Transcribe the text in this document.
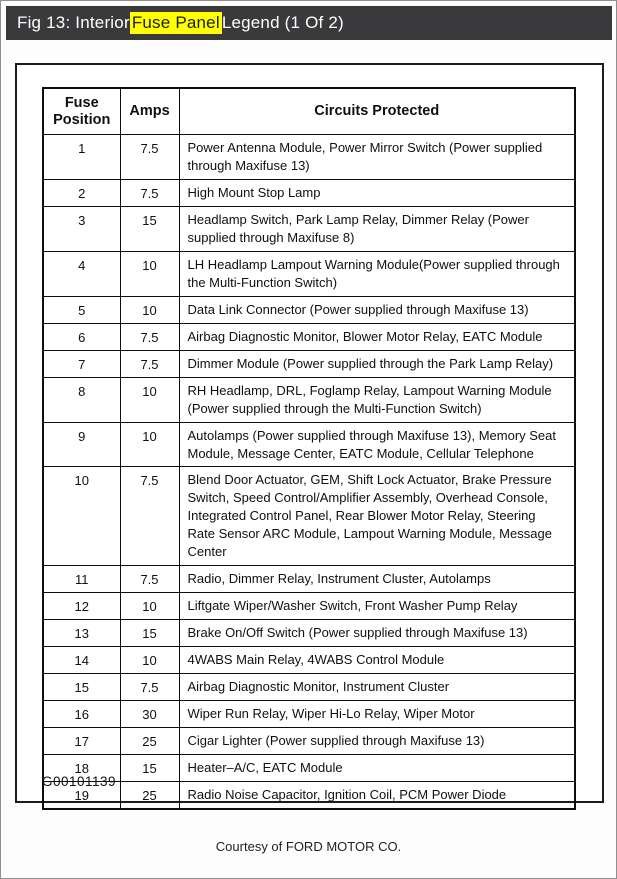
Fig 13: Interior Fuse Panel Legend (1 Of 2)
Fuse Position	Amps	Circuits Protected
1	7.5	Power Antenna Module, Power Mirror Switch (Power supplied through Maxifuse 13)
2	7.5	High Mount Stop Lamp
3	15	Headlamp Switch, Park Lamp Relay, Dimmer Relay (Power supplied through Maxifuse 8)
4	10	LH Headlamp Lampout Warning Module(Power supplied through the Multi-Function Switch)
5	10	Data Link Connector (Power supplied through Maxifuse 13)
6	7.5	Airbag Diagnostic Monitor, Blower Motor Relay, EATC Module
7	7.5	Dimmer Module (Power supplied through the Park Lamp Relay)
8	10	RH Headlamp, DRL, Foglamp Relay, Lampout Warning Module (Power supplied through the Multi-Function Switch)
9	10	Autolamps (Power supplied through Maxifuse 13), Memory Seat Module, Message Center, EATC Module, Cellular Telephone
10	7.5	Blend Door Actuator, GEM, Shift Lock Actuator, Brake Pressure Switch, Speed Control/Amplifier Assembly, Overhead Console, Integrated Control Panel, Rear Blower Motor Relay, Steering Rate Sensor ARC Module, Lampout Warning Module, Message Center
11	7.5	Radio, Dimmer Relay, Instrument Cluster, Autolamps
12	10	Liftgate Wiper/Washer Switch, Front Washer Pump Relay
13	15	Brake On/Off Switch (Power supplied through Maxifuse 13)
14	10	4WABS Main Relay, 4WABS Control Module
15	7.5	Airbag Diagnostic Monitor, Instrument Cluster
16	30	Wiper Run Relay, Wiper Hi-Lo Relay, Wiper Motor
17	25	Cigar Lighter (Power supplied through Maxifuse 13)
18	15	Heater–A/C, EATC Module
19	25	Radio Noise Capacitor, Ignition Coil, PCM Power Diode
G00101139
Courtesy of FORD MOTOR CO.
